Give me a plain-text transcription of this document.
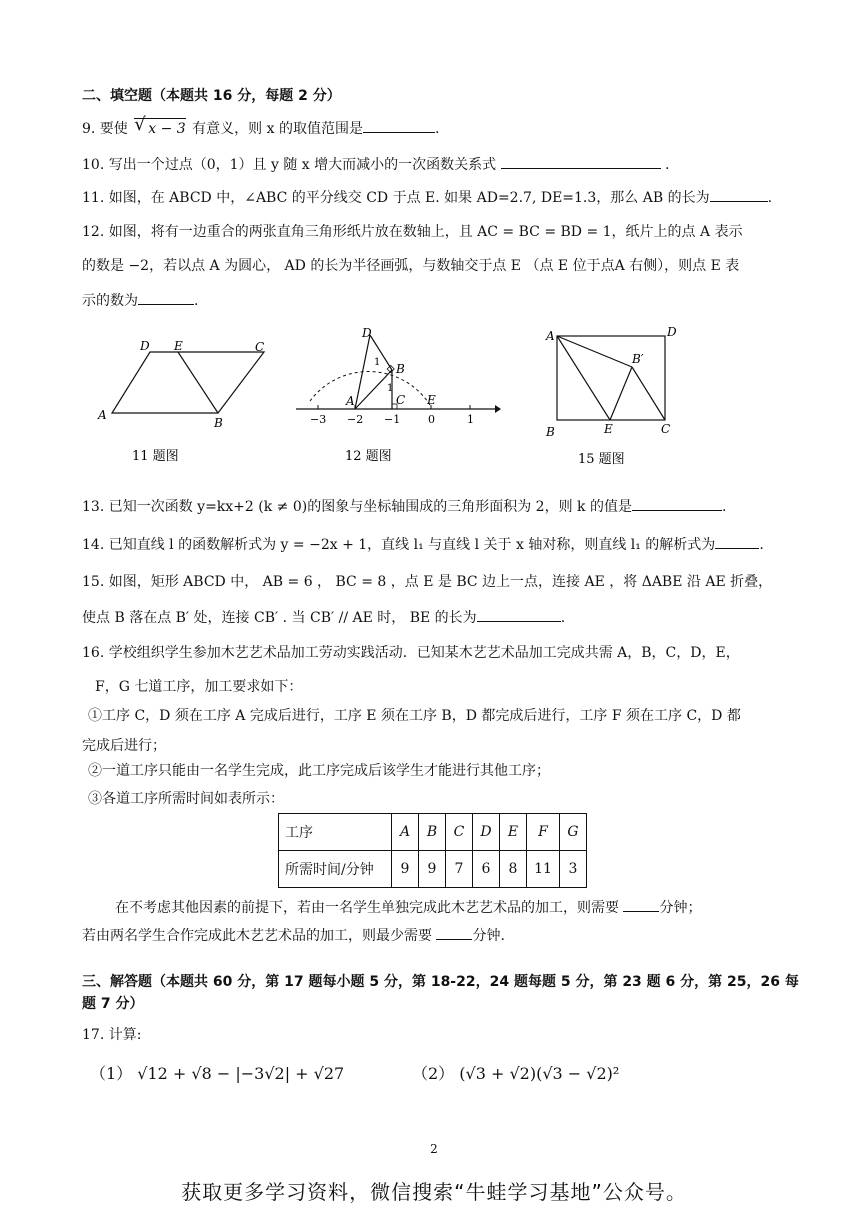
二、填空题（本题共 16 分，每题 2 分）
9. 要使 √ x − 3 有意义，则 x 的取值范围是	.
10. 写出一个过点（0，1）且 y 随 x 增大而减小的一次函数关系式	.
11. 如图，在 ABCD 中，∠ABC 的平分线交 CD 于点 E. 如果 AD=2.7, DE=1.3，那么 AB 的长为	.
12. 如图，将有一边重合的两张直角三角形纸片放在数轴上，且 AC = BC = BD = 1，纸片上的点 A 表示
的数是 −2，若以点 A 为圆心， AD 的长为半径画弧，与数轴交于点 E （点 E 位于点A 右侧），则点 E 表
示的数为	.
D E	C
A
B
11 题图
D
B
A	C E
1
1
−3 −2 −1	0	1
12 题图
A	D
B′
B	E	C
15 题图
13. 已知一次函数 y=kx+2 (k ≠ 0)的图象与坐标轴围成的三角形面积为 2，则 k 的值是	.
14. 已知直线 l 的函数解析式为 y = −2x + 1，直线 l₁ 与直线 l 关于 x 轴对称，则直线 l₁ 的解析式为	.
15. 如图，矩形 ABCD 中， AB = 6 ， BC = 8 ，点 E 是 BC 边上一点，连接 AE ，将 ΔABE 沿 AE 折叠，
使点 B 落在点 B′ 处，连接 CB′ . 当 CB′ // AE 时， BE 的长为	.
16. 学校组织学生参加木艺艺术品加工劳动实践活动．已知某木艺艺术品加工完成共需 A，B，C，D，E，
F，G 七道工序，加工要求如下：
①工序 C，D 须在工序 A 完成后进行，工序 E 须在工序 B，D 都完成后进行，工序 F 须在工序 C，D 都
完成后进行；
②一道工序只能由一名学生完成，此工序完成后该学生才能进行其他工序；
③各道工序所需时间如表所示：
工序	A	B	C	D	E	F	G
所需时间/分钟	9	9	7	6	8	11	3
在不考虑其他因素的前提下，若由一名学生单独完成此木艺艺术品的加工，则需要	分钟；
若由两名学生合作完成此木艺艺术品的加工，则最少需要	分钟.
三、解答题（本题共 60 分，第 17 题每小题 5 分，第 18-22，24 题每题 5 分，第 23 题 6 分，第 25，26 每
题 7 分）
17. 计算:
（1） √12 + √8 − |−3√2| + √27	（2） (√3 + √2)(√3 − √2)²
2
获取更多学习资料，微信搜索“牛蛙学习基地”公众号。
